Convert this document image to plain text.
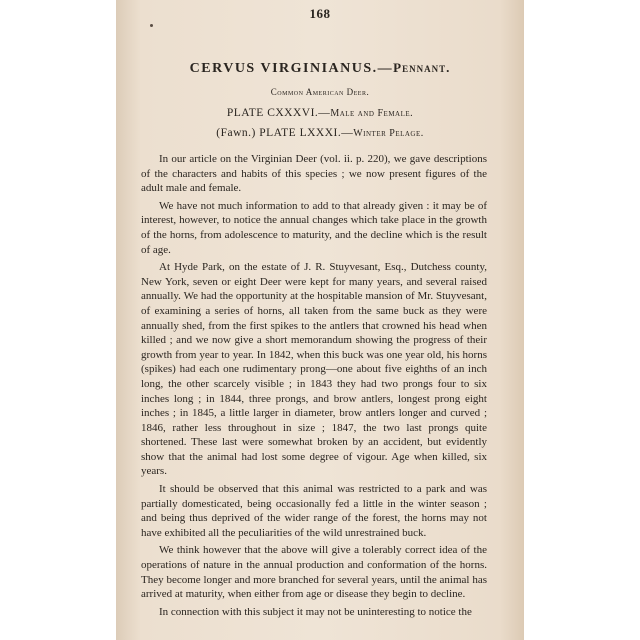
168
CERVUS VIRGINIANUS.—Pennant.
Common American Deer.
PLATE CXXXVI.—Male and Female.
(Fawn.) PLATE LXXXI.—Winter Pelage.

In our article on the Virginian Deer (vol. ii. p. 220), we gave descriptions of the characters and habits of this species ; we now present figures of the adult male and female.

We have not much information to add to that already given : it may be of interest, however, to notice the annual changes which take place in the growth of the horns, from adolescence to maturity, and the decline which is the result of age.

At Hyde Park, on the estate of J. R. Stuyvesant, Esq., Dutchess county, New York, seven or eight Deer were kept for many years, and several raised annually. We had the opportunity at the hospitable mansion of Mr. Stuyvesant, of examining a series of horns, all taken from the same buck as they were annually shed, from the first spikes to the antlers that crowned his head when killed ; and we now give a short memorandum showing the progress of their growth from year to year. In 1842, when this buck was one year old, his horns (spikes) had each one rudimentary prong—one about five eighths of an inch long, the other scarcely visible ; in 1843 they had two prongs four to six inches long ; in 1844, three prongs, and brow antlers, longest prong eight inches ; in 1845, a little larger in diameter, brow antlers longer and curved ; 1846, rather less throughout in size ; 1847, the two last prongs quite shortened. These last were somewhat broken by an accident, but evidently show that the animal had lost some degree of vigour. Age when killed, six years.

It should be observed that this animal was restricted to a park and was partially domesticated, being occasionally fed a little in the winter season ; and being thus deprived of the wider range of the forest, the horns may not have exhibited all the peculiarities of the wild unrestrained buck.

We think however that the above will give a tolerably correct idea of the operations of nature in the annual production and conformation of the horns. They become longer and more branched for several years, until the animal has arrived at maturity, when either from age or disease they begin to decline.

In connection with this subject it may not be uninteresting to notice the
